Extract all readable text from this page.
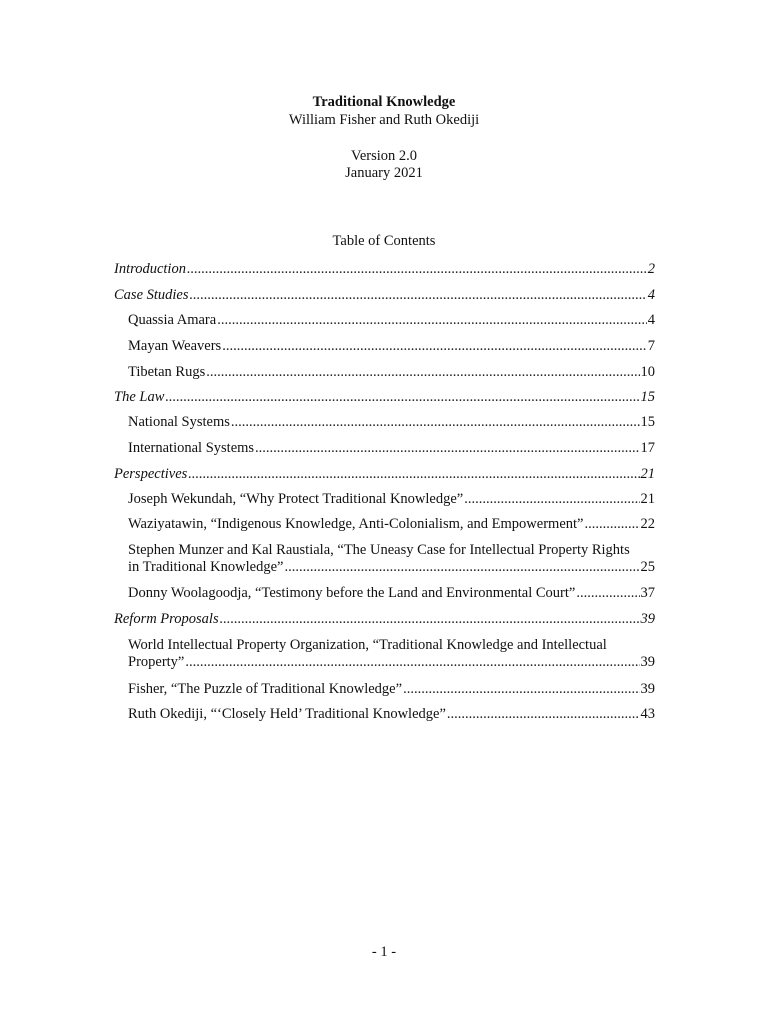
Traditional Knowledge
William Fisher and Ruth Okediji
Version 2.0
January 2021
Table of Contents
Introduction .....	2
Case Studies .....	4
Quassia Amara .....	4
Mayan Weavers .....	7
Tibetan Rugs .....	10
The Law .....	15
National Systems .....	15
International Systems .....	17
Perspectives .....	21
Joseph Wekundah, “Why Protect Traditional Knowledge” .....	21
Waziyatawin, “Indigenous Knowledge, Anti-Colonialism, and Empowerment” .....	22
Stephen Munzer and Kal Raustiala, “The Uneasy Case for Intellectual Property Rights
in Traditional Knowledge” .....	25
Donny Woolagoodja, “Testimony before the Land and Environmental Court” .....	37
Reform Proposals .....	39
World Intellectual Property Organization, “Traditional Knowledge and Intellectual
Property” .....	39
Fisher, “The Puzzle of Traditional Knowledge” .....	39
Ruth Okediji, “‘Closely Held’ Traditional Knowledge” .....	43
- 1 -
